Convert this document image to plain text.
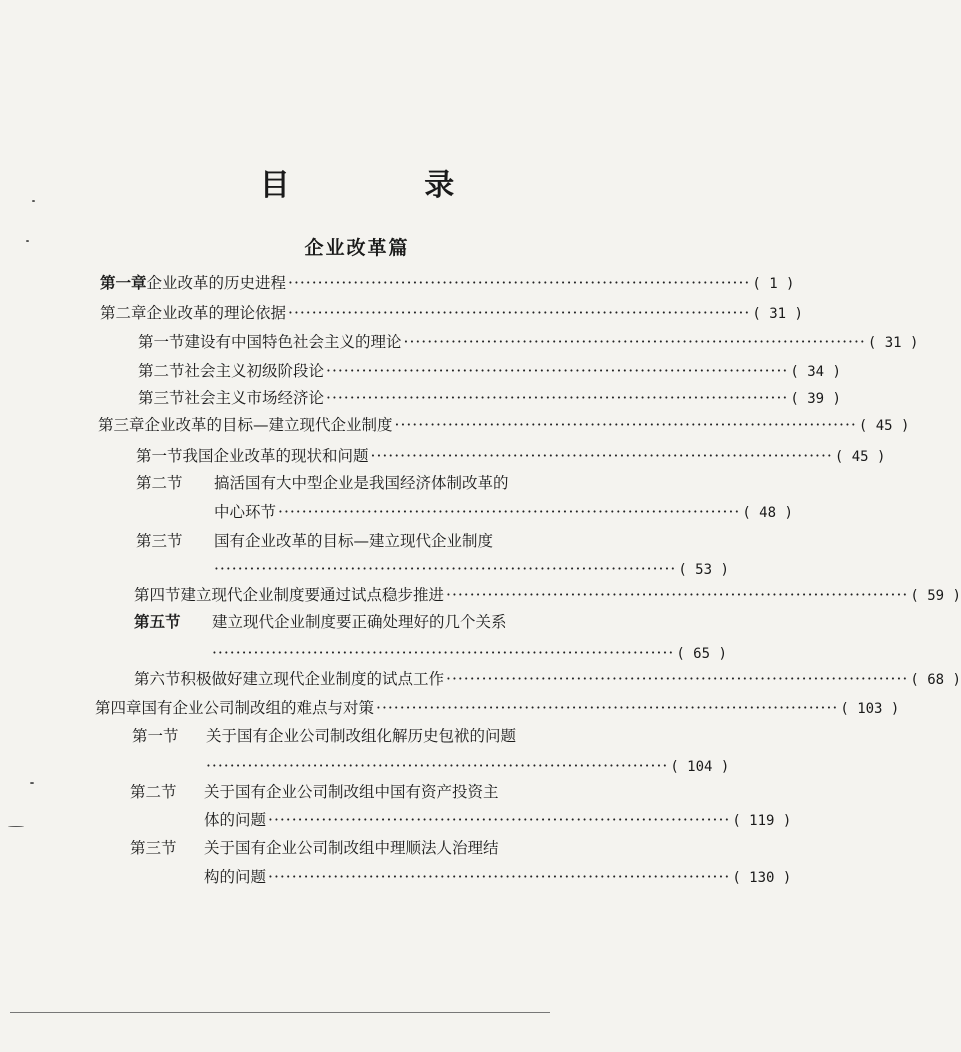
目 录
企业改革篇
第一章 企业改革的历史进程 ·············································································· ( 1 )
第二章 企业改革的理论依据 ·············································································· ( 31 )
第一节 建设有中国特色社会主义的理论 ·············································································· ( 31 )
第二节 社会主义初级阶段论 ·············································································· ( 34 )
第三节 社会主义市场经济论 ·············································································· ( 39 )
第三章 企业改革的目标—建立现代企业制度 ·············································································· ( 45 )
第一节 我国企业改革的现状和问题 ·············································································· ( 45 )
第二节	搞活国有大中型企业是我国经济体制改革的
中心环节 ·············································································· ( 48 )
第三节	国有企业改革的目标—建立现代企业制度
·············································································· ( 53 )
第四节 建立现代企业制度要通过试点稳步推进 ·············································································· ( 59 )
第五节	建立现代企业制度要正确处理好的几个关系
·············································································· ( 65 )
第六节 积极做好建立现代企业制度的试点工作 ·············································································· ( 68 )
第四章 国有企业公司制改组的难点与对策 ·············································································· ( 103 )
第一节	关于国有企业公司制改组化解历史包袱的问题
·············································································· ( 104 )
第二节	关于国有企业公司制改组中国有资产投资主
体的问题 ·············································································· ( 119 )
第三节	关于国有企业公司制改组中理顺法人治理结
构的问题 ·············································································· ( 130 )
